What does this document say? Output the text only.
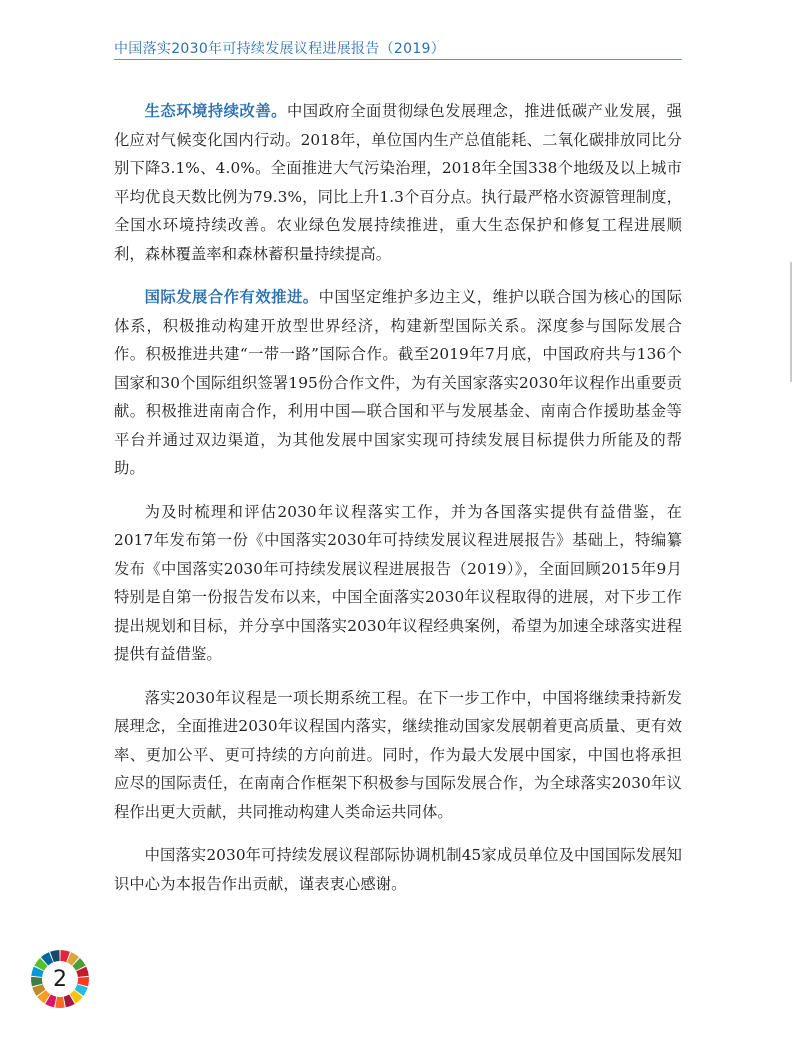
中国落实2030年可持续发展议程进展报告（2019）

生态环境持续改善。中国政府全面贯彻绿色发展理念，推进低碳产业发展，强化应对气候变化国内行动。2018年，单位国内生产总值能耗、二氧化碳排放同比分别下降3.1%、4.0%。全面推进大气污染治理，2018年全国338个地级及以上城市平均优良天数比例为79.3%，同比上升1.3个百分点。执行最严格水资源管理制度，全国水环境持续改善。农业绿色发展持续推进，重大生态保护和修复工程进展顺利，森林覆盖率和森林蓄积量持续提高。

国际发展合作有效推进。中国坚定维护多边主义，维护以联合国为核心的国际体系，积极推动构建开放型世界经济，构建新型国际关系。深度参与国际发展合作。积极推进共建“一带一路”国际合作。截至2019年7月底，中国政府共与136个国家和30个国际组织签署195份合作文件，为有关国家落实2030年议程作出重要贡献。积极推进南南合作，利用中国—联合国和平与发展基金、南南合作援助基金等平台并通过双边渠道，为其他发展中国家实现可持续发展目标提供力所能及的帮助。

为及时梳理和评估2030年议程落实工作，并为各国落实提供有益借鉴，在2017年发布第一份《中国落实2030年可持续发展议程进展报告》基础上，特编纂发布《中国落实2030年可持续发展议程进展报告（2019）》，全面回顾2015年9月特别是自第一份报告发布以来，中国全面落实2030年议程取得的进展，对下步工作提出规划和目标，并分享中国落实2030年议程经典案例，希望为加速全球落实进程提供有益借鉴。

落实2030年议程是一项长期系统工程。在下一步工作中，中国将继续秉持新发展理念，全面推进2030年议程国内落实，继续推动国家发展朝着更高质量、更有效率、更加公平、更可持续的方向前进。同时，作为最大发展中国家，中国也将承担应尽的国际责任，在南南合作框架下积极参与国际发展合作，为全球落实2030年议程作出更大贡献，共同推动构建人类命运共同体。

中国落实2030年可持续发展议程部际协调机制45家成员单位及中国国际发展知识中心为本报告作出贡献，谨表衷心感谢。

2
